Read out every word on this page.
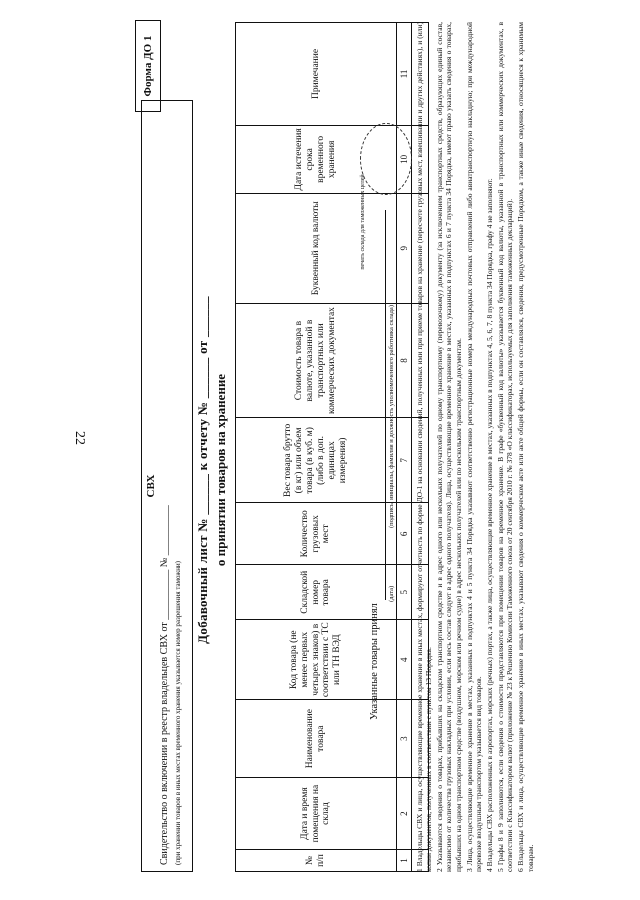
22
Форма ДО 1
СВХ
Свидетельство о включении в реестр владельцев СВХ от __________ № __________ (при хранении товаров в иных местах временного хранения указывается номер разрешения таможни)
Добавочный лист № ______ к отчету № ______ от ______ о принятии товаров на хранение
№ п/п	Дата и время помещения на склад	Наименование товара	Код товара (не менее первых четырех знаков) в соответствии с ТС или ТН ВЭД	Складской номер товара	Количество грузовых мест	Вес товара брутто (в кг) или объем товара (в куб. м) (либо в доп. единицах измерения)	Стоимость товара в валюте, указанной в транспортных или коммерческих документах	Буквенный код валюты	Дата истечения срока временного хранения	Примечание
1	2	3	4	5	6	7	8	9	10	11

Указанные товары принял
(дата)
(подпись, инициалы, фамилия и должность уполномоченного работника склада)
печать склада для таможенных целей	1 Владельцы СВХ и лица, осуществляющие временное хранение в иных местах, формируют отчетность по форме ДО-1 на основании сведений, полученных ими при приеме товаров на хранение (пересчете грузовых мест, взвешивании и других действиях), и (или) копии документов, полученных в соответствии с пунктом 13 Порядка. 2 Указываются сведения о товарах, прибывших на складском транспортном средстве и в адрес одного или нескольких получателей по одному транспортному (перевозочному) документу (за исключением транспортных средств, образующих единый состав, независимо от количества грузовых накладных при условии, если весь состав следует в адрес одного получателя). Лица, осуществляющие временное хранение в местах, указанных в подпунктах 6 и 7 пункта 34 Порядка, имеют право указать сведения о товарах, прибывших на одном транспортном средстве (воздушном, морском или речном судне) в адрес нескольких получателей или по нескольким транспортным документам. 3 Лица, осуществляющие временное хранение в местах, указанных в подпунктах 4 и 5 пункта 34 Порядка указывают соответственно регистрационные номера международных почтовых отправлений либо авиатранспортную накладную; при международной перевозке воздушным транспортом указывается вид товаров. 4 Владельцы СВХ расположенных в аэропортах, морских (речных) портах, а также лица, осуществляющие временное хранение в местах, указанных в подпунктах 4, 5, 6, 7, 8 пункта 34 Порядка, графу 4 не заполняют. 5 Графы 8 и 9 заполняются, если сведения о стоимости представляются при помещении товаров на временное хранение. В графе «буквенный код валюты» указывается буквенный код валюты, указанной в транспортных или коммерческих документах, в соответствии с Классификатором валют (приложение № 23 к Решению Комиссии Таможенного союза от 20 сентября 2010 г. № 378 «О классификаторах, используемых для заполнения таможенных деклараций). 6 Владельцы СВХ и лица, осуществляющие временное хранение в иных местах, указывают сведения о коммерческом акте или акте общей формы, если он составлялся, сведения, предусмотренные Порядком, а также иные сведения, относящиеся к хранимым товарам.
